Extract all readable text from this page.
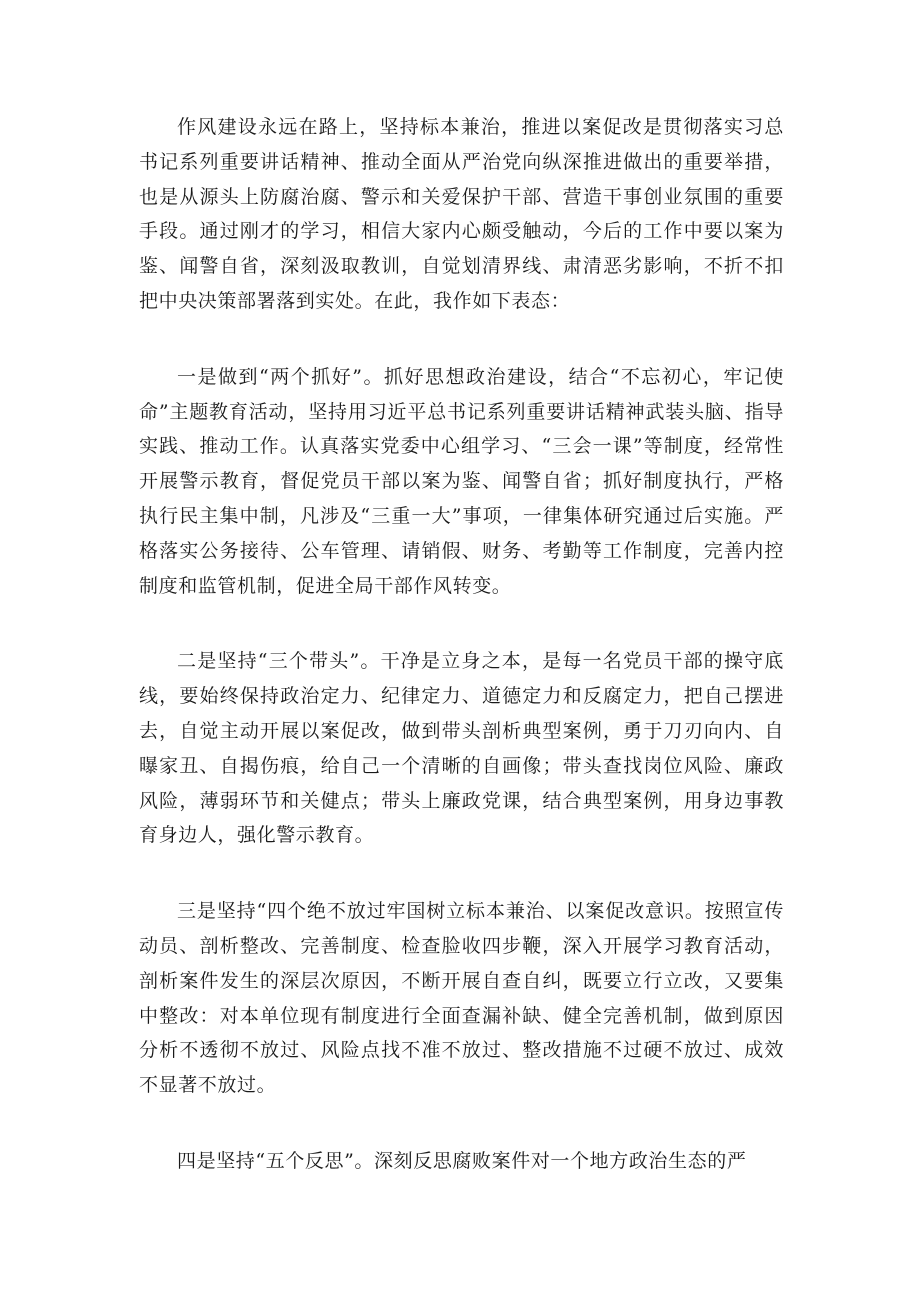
作风建设永远在路上，坚持标本兼治，推进以案促改是贯彻落实习总书记系列重要讲话精神、推动全面从严治党向纵深推进做出的重要举措，也是从源头上防腐治腐、警示和关爱保护干部、营造干事创业氛围的重要手段。通过刚才的学习，相信大家内心颇受触动，今后的工作中要以案为鉴、闻警自省，深刻汲取教训，自觉划清界线、肃清恶劣影响，不折不扣把中央决策部署落到实处。在此，我作如下表态：

一是做到“两个抓好”。抓好思想政治建设，结合“不忘初心，牢记使命”主题教育活动，坚持用习近平总书记系列重要讲话精神武装头脑、指导实践、推动工作。认真落实党委中心组学习、“三会一课”等制度，经常性开展警示教育，督促党员干部以案为鉴、闻警自省；抓好制度执行，严格执行民主集中制，凡涉及“三重一大”事项，一律集体研究通过后实施。严格落实公务接待、公车管理、请销假、财务、考勤等工作制度，完善内控制度和监管机制，促进全局干部作风转变。

二是坚持“三个带头”。干净是立身之本，是每一名党员干部的操守底线，要始终保持政治定力、纪律定力、道德定力和反腐定力，把自己摆进去，自觉主动开展以案促改，做到带头剖析典型案例，勇于刀刃向内、自曝家丑、自揭伤痕，给自己一个清晰的自画像；带头查找岗位风险、廉政风险，薄弱环节和关健点；带头上廉政党课，结合典型案例，用身边事教育身边人，强化警示教育。

三是坚持“四个绝不放过牢国树立标本兼治、以案促改意识。按照宣传动员、剖析整改、完善制度、检查脸收四步鞭，深入开展学习教育活动，剖析案件发生的深层次原因，不断开展自查自纠，既要立行立改，又要集中整改：对本单位现有制度进行全面查漏补缺、健全完善机制，做到原因分析不透彻不放过、风险点找不准不放过、整改措施不过硬不放过、成效不显著不放过。

四是坚持“五个反思”。深刻反思腐败案件对一个地方政治生态的严
